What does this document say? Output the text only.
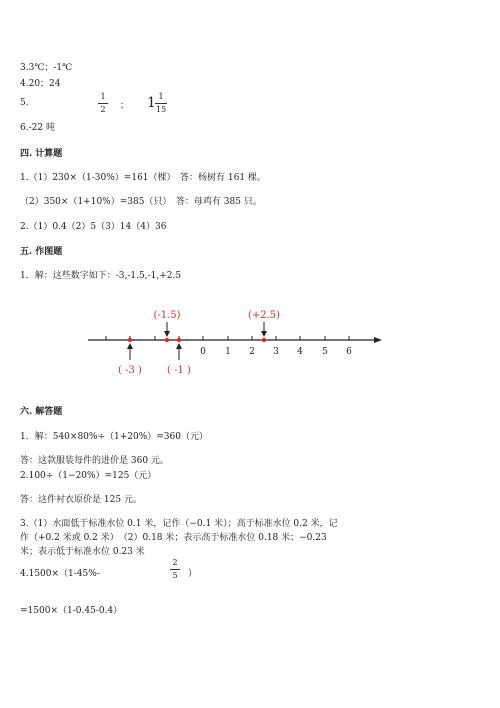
3.3℃；-1℃
4.20；24
5.
1
2 ； 1 1
15
6.-22 吨
四. 计算题
1.（1）230×（1-30%）=161（棵）　答：杨树有 161 棵。
（2）350×（1+10%）=385（只）　答：母鸡有 385 只。
2.（1）0.4（2）5（3）14（4）36
五. 作图题
1．解：这些数字如下：-3,-1.5,-1,+2.5
0 1 2 3 4 5 6
(-1.5)	(+2.5)
( -3 )	( -1 )
六. 解答题
1．解：540×80%÷（1+20%）=360（元）
答：这款服装每件的进价是 360 元。
2.100÷（1−20%）=125（元）
答：这件衬衣原价是 125 元。
3.（1）水面低于标准水位 0.1 米，记作（−0.1 米）；高于标准水位 0.2 米，记
作（+0.2 米或 0.2 米）　（2）0.18 米；表示高于标准水位 0.18 米；−0.23
米；表示低于标准水位 0.23 米
4.1500×（1-45%-
2
5 ）
=1500×（1-0.45-0.4）
